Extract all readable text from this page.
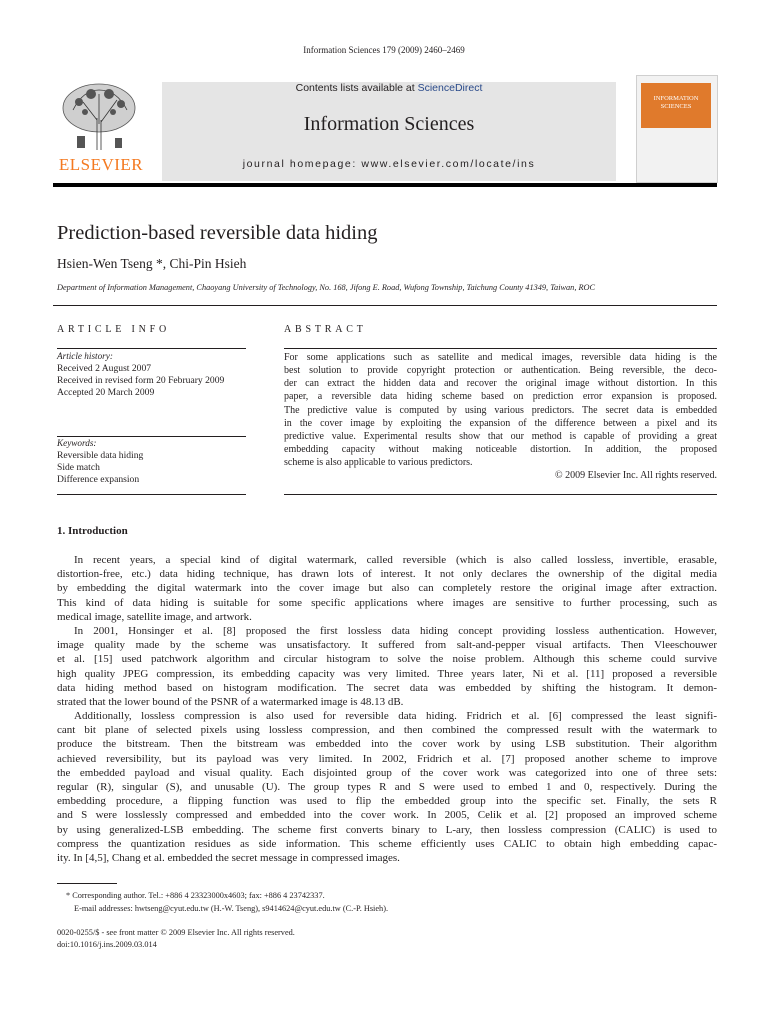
Information Sciences 179 (2009) 2460–2469
ELSEVIER
Contents lists available at ScienceDirect
Information Sciences
journal homepage: www.elsevier.com/locate/ins
INFORMATION SCIENCES
Prediction-based reversible data hiding
Hsien-Wen Tseng *, Chi-Pin Hsieh
Department of Information Management, Chaoyang University of Technology, No. 168, Jifong E. Road, Wufong Township, Taichung County 41349, Taiwan, ROC
ARTICLE INFO	ABSTRACT
Article history:
Received 2 August 2007
Received in revised form 20 February 2009
Accepted 20 March 2009
Keywords:
Reversible data hiding
Side match
Difference expansion
For some applications such as satellite and medical images, reversible data hiding is the
best solution to provide copyright protection or authentication. Being reversible, the deco-
der can extract the hidden data and recover the original image without distortion. In this
paper, a reversible data hiding scheme based on prediction error expansion is proposed.
The predictive value is computed by using various predictors. The secret data is embedded
in the cover image by exploiting the expansion of the difference between a pixel and its
predictive value. Experimental results show that our method is capable of providing a great
embedding capacity without making noticeable distortion. In addition, the proposed
scheme is also applicable to various predictors.
© 2009 Elsevier Inc. All rights reserved.
1. Introduction
In recent years, a special kind of digital watermark, called reversible (which is also called lossless, invertible, erasable,
distortion-free, etc.) data hiding technique, has drawn lots of interest. It not only declares the ownership of the digital media
by embedding the digital watermark into the cover image but also can completely restore the original image after extraction.
This kind of data hiding is suitable for some specific applications where images are sensitive to further processing, such as
medical image, satellite image, and artwork.
In 2001, Honsinger et al. [8] proposed the first lossless data hiding concept providing lossless authentication. However,
image quality made by the scheme was unsatisfactory. It suffered from salt-and-pepper visual artifacts. Then Vleeschouwer
et al. [15] used patchwork algorithm and circular histogram to solve the noise problem. Although this scheme could survive
high quality JPEG compression, its embedding capacity was very limited. Three years later, Ni et al. [11] proposed a reversible
data hiding method based on histogram modification. The secret data was embedded by shifting the histogram. It demon-
strated that the lower bound of the PSNR of a watermarked image is 48.13 dB.
Additionally, lossless compression is also used for reversible data hiding. Fridrich et al. [6] compressed the least signifi-
cant bit plane of selected pixels using lossless compression, and then combined the compressed result with the watermark to
produce the bitstream. Then the bitstream was embedded into the cover work by using LSB substitution. Their algorithm
achieved reversibility, but its payload was very limited. In 2002, Fridrich et al. [7] proposed another scheme to improve
the embedded payload and visual quality. Each disjointed group of the cover work was categorized into one of three sets:
regular (R), singular (S), and unusable (U). The group types R and S were used to embed 1 and 0, respectively. During the
embedding procedure, a flipping function was used to flip the embedded group into the specific set. Finally, the sets R
and S were losslessly compressed and embedded into the cover work. In 2005, Celik et al. [2] proposed an improved scheme
by using generalized-LSB embedding. The scheme first converts binary to L-ary, then lossless compression (CALIC) is used to
compress the quantization residues as side information. This scheme efficiently uses CALIC to obtain high embedding capac-
ity. In [4,5], Chang et al. embedded the secret message in compressed images.
* Corresponding author. Tel.: +886 4 23323000x4603; fax: +886 4 23742337.
E-mail addresses: hwtseng@cyut.edu.tw (H.-W. Tseng), s9414624@cyut.edu.tw (C.-P. Hsieh).
0020-0255/$ - see front matter © 2009 Elsevier Inc. All rights reserved.
doi:10.1016/j.ins.2009.03.014
